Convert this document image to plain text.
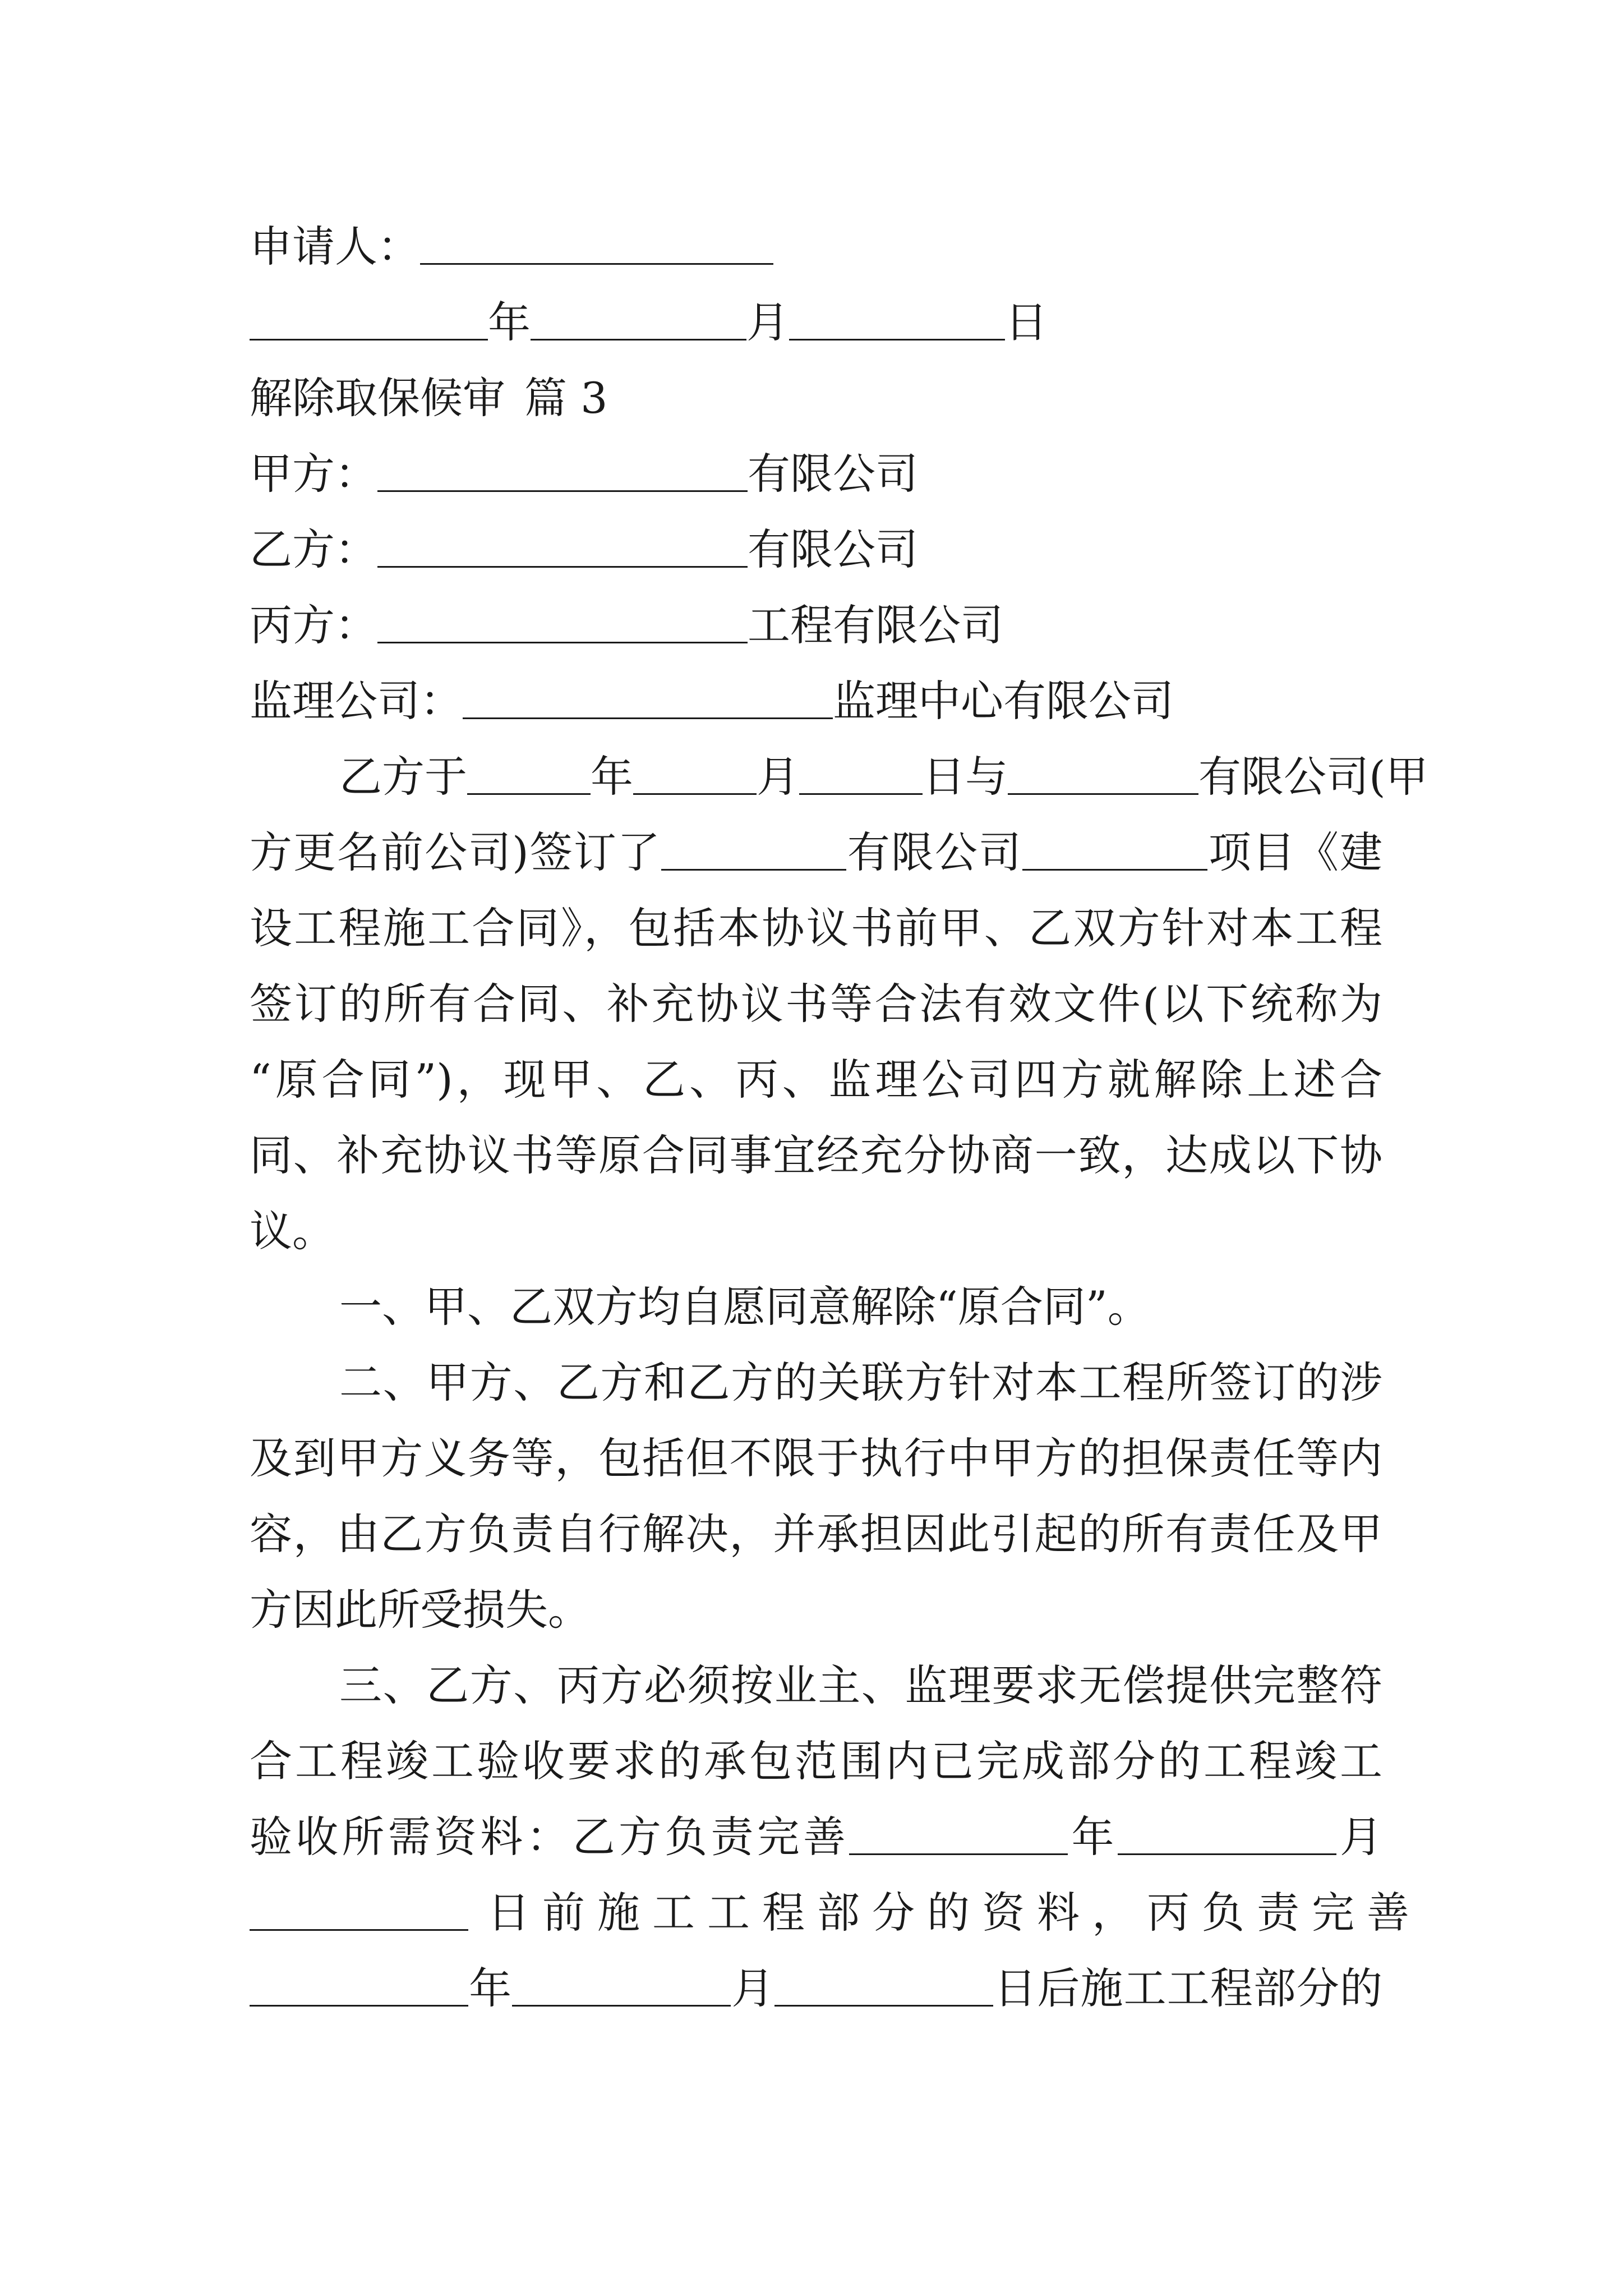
申请人：
年	月	日
解除取保候审 篇 3
甲方：	有限公司
乙方：	有限公司
丙方：	工程有限公司
监理公司：	监理中心有限公司
乙方于	年	月	日与	有限公司(甲
方更名前公司)签订了	有限公司	项目《建
设工程施工合同》，包括本协议书前甲、乙双方针对本工程
签订的所有合同、补充协议书等合法有效文件(以下统称为
“原合同”)，现甲、乙、丙、监理公司四方就解除上述合
同、补充协议书等原合同事宜经充分协商一致，达成以下协
议。
一、甲、乙双方均自愿同意解除“原合同”。
二、甲方、乙方和乙方的关联方针对本工程所签订的涉
及到甲方义务等，包括但不限于执行中甲方的担保责任等内
容，由乙方负责自行解决，并承担因此引起的所有责任及甲
方因此所受损失。
三、乙方、丙方必须按业主、监理要求无偿提供完整符
合工程竣工验收要求的承包范围内已完成部分的工程竣工
验收所需资料：乙方负责完善	年	月
日前施工工程部分的资料，丙负责完善
年	月	日后施工工程部分的
